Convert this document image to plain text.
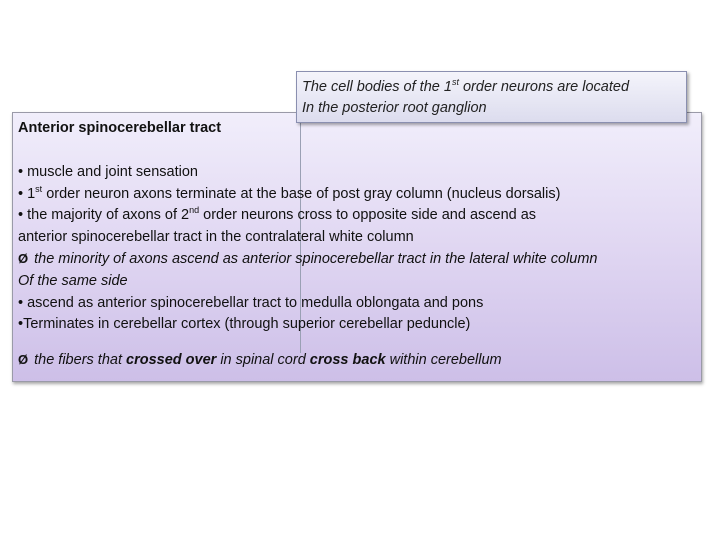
The cell bodies of the 1st order neurons are located
In the posterior root ganglion
Anterior spinocerebellar tract

• muscle and joint sensation

• 1st order neuron axons terminate at the base of post gray column (nucleus dorsalis)

• the majority of axons of 2nd order neurons cross to opposite side and ascend as

anterior spinocerebellar tract in the contralateral white column

Ø the minority of axons ascend as anterior spinocerebellar tract in the lateral white column

Of the same side

• ascend as anterior spinocerebellar tract to medulla oblongata and pons

•Terminates in cerebellar cortex (through superior cerebellar peduncle)

Ø the fibers that crossed over in spinal cord cross back within cerebellum
